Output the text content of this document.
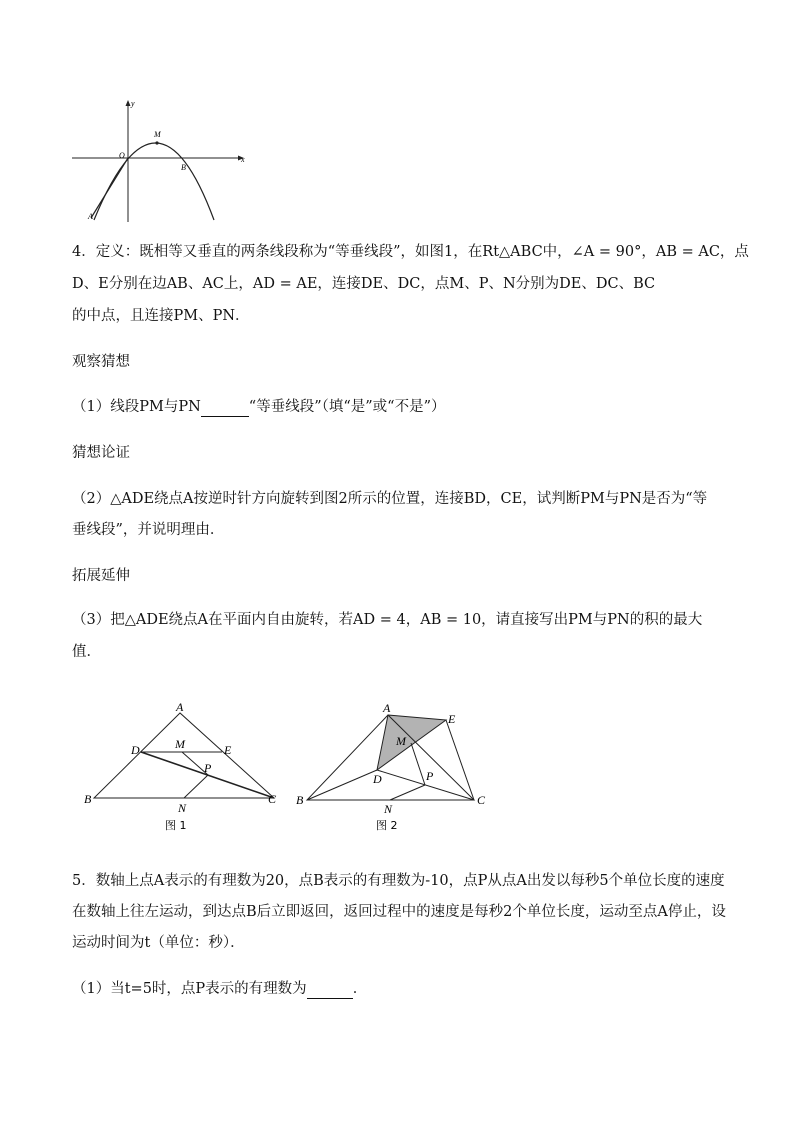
y
x
O
M
B
A
4．定义：既相等又垂直的两条线段称为“等垂线段”，如图1，在Rt△ABC中，∠A = 90°，AB = AC，点
D、E分别在边AB、AC上，AD = AE，连接DE、DC，点M、P、N分别为DE、DC、BC
的中点，且连接PM、PN．
观察猜想
（1）线段PM与PN	“等垂线段”（填“是”或“不是”）
猜想论证
（2）△ADE绕点A按逆时针方向旋转到图2所示的位置，连接BD，CE，试判断PM与PN是否为“等
垂线段”，并说明理由．
拓展延伸
（3）把△ADE绕点A在平面内自由旋转，若AD = 4，AB = 10，请直接写出PM与PN的积的最大
值．
A
D	M	E
P
B
N
C
图 1
A
E
M
D	P
B
N
C
图 2
5．数轴上点A表示的有理数为20，点B表示的有理数为-10，点P从点A出发以每秒5个单位长度的速度
在数轴上往左运动，到达点B后立即返回，返回过程中的速度是每秒2个单位长度，运动至点A停止，设
运动时间为t（单位：秒）．
（1）当t=5时，点P表示的有理数为	．
